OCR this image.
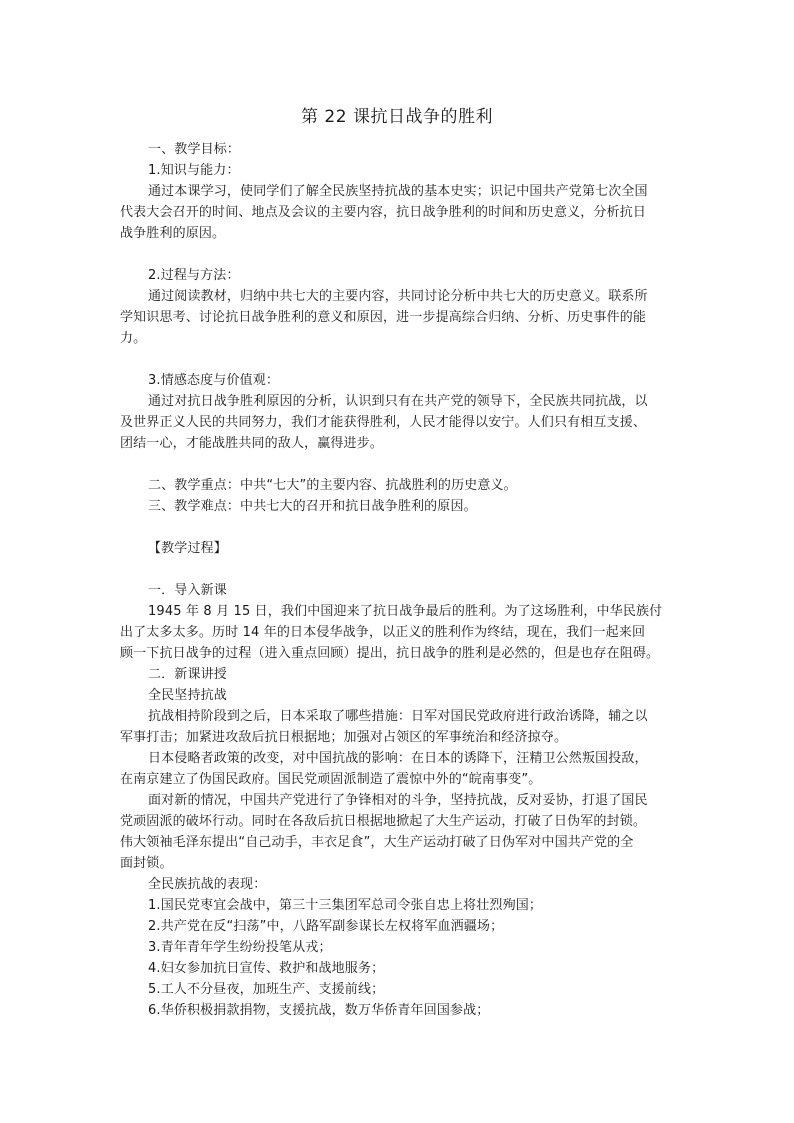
第 22 课抗日战争的胜利
一、教学目标：
1.知识与能力：
通过本课学习，使同学们了解全民族坚持抗战的基本史实；识记中国共产党第七次全国
代表大会召开的时间、地点及会议的主要内容，抗日战争胜利的时间和历史意义，分析抗日
战争胜利的原因。
2.过程与方法：
通过阅读教材，归纳中共七大的主要内容，共同讨论分析中共七大的历史意义。联系所
学知识思考、讨论抗日战争胜利的意义和原因，进一步提高综合归纳、分析、历史事件的能
力。
3.情感态度与价值观：
通过对抗日战争胜利原因的分析，认识到只有在共产党的领导下，全民族共同抗战，以
及世界正义人民的共同努力，我们才能获得胜利，人民才能得以安宁。人们只有相互支援、
团结一心，才能战胜共同的敌人，赢得进步。
二、教学重点：中共“七大”的主要内容、抗战胜利的历史意义。
三、教学难点：中共七大的召开和抗日战争胜利的原因。
【教学过程】
一．导入新课
1945 年 8 月 15 日，我们中国迎来了抗日战争最后的胜利。为了这场胜利，中华民族付
出了太多太多。历时 14 年的日本侵华战争，以正义的胜利作为终结，现在，我们一起来回
顾一下抗日战争的过程（进入重点回顾）提出，抗日战争的胜利是必然的，但是也存在阻碍。
二．新课讲授
全民坚持抗战
抗战相持阶段到之后，日本采取了哪些措施：日军对国民党政府进行政治诱降，辅之以
军事打击；加紧进攻敌后抗日根据地；加强对占领区的军事统治和经济掠夺。
日本侵略者政策的改变，对中国抗战的影响：在日本的诱降下，汪精卫公然叛国投敌，
在南京建立了伪国民政府。国民党顽固派制造了震惊中外的“皖南事变”。
面对新的情况，中国共产党进行了争锋相对的斗争，坚持抗战，反对妥协，打退了国民
党顽固派的破坏行动。同时在各敌后抗日根据地掀起了大生产运动，打破了日伪军的封锁。
伟大领袖毛泽东提出“自己动手，丰衣足食”，大生产运动打破了日伪军对中国共产党的全
面封锁。
全民族抗战的表现：
1.国民党枣宜会战中，第三十三集团军总司令张自忠上将壮烈殉国；
2.共产党在反“扫荡”中，八路军副参谋长左权将军血洒疆场；
3.青年青年学生纷纷投笔从戎；
4.妇女参加抗日宣传、救护和战地服务；
5.工人不分昼夜，加班生产、支援前线；
6.华侨积极捐款捐物，支援抗战，数万华侨青年回国参战；
